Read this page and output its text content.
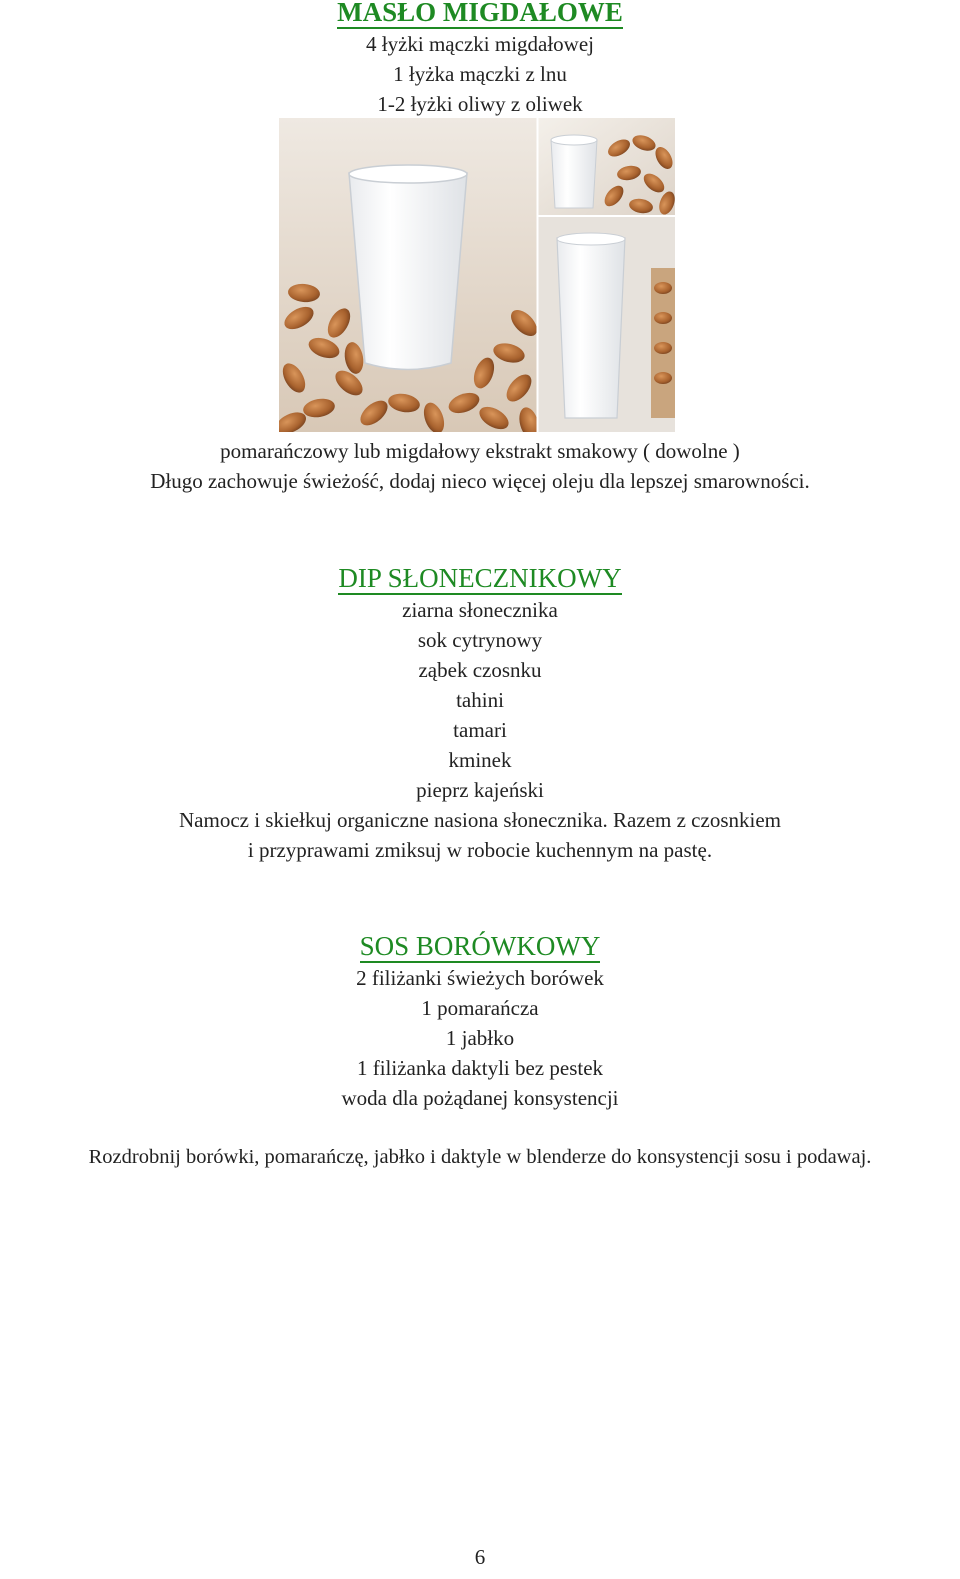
MASŁO MIGDAŁOWE
4 łyżki mączki migdałowej
1 łyżka mączki z lnu
1-2 łyżki oliwy z oliwek
pomarańczowy lub migdałowy ekstrakt smakowy ( dowolne )
Długo zachowuje świeżość, dodaj nieco więcej oleju dla lepszej smarowności.
DIP SŁONECZNIKOWY
ziarna słonecznika
sok cytrynowy
ząbek czosnku
tahini
tamari
kminek
pieprz kajeński
Namocz i skiełkuj organiczne nasiona słonecznika. Razem z czosnkiem
i przyprawami zmiksuj w robocie kuchennym na pastę.
SOS BORÓWKOWY
2 filiżanki świeżych borówek
1 pomarańcza
1 jabłko
1 filiżanka daktyli bez pestek
woda dla pożądanej konsystencji
Rozdrobnij borówki, pomarańczę, jabłko i daktyle w blenderze do konsystencji sosu i podawaj.
6
